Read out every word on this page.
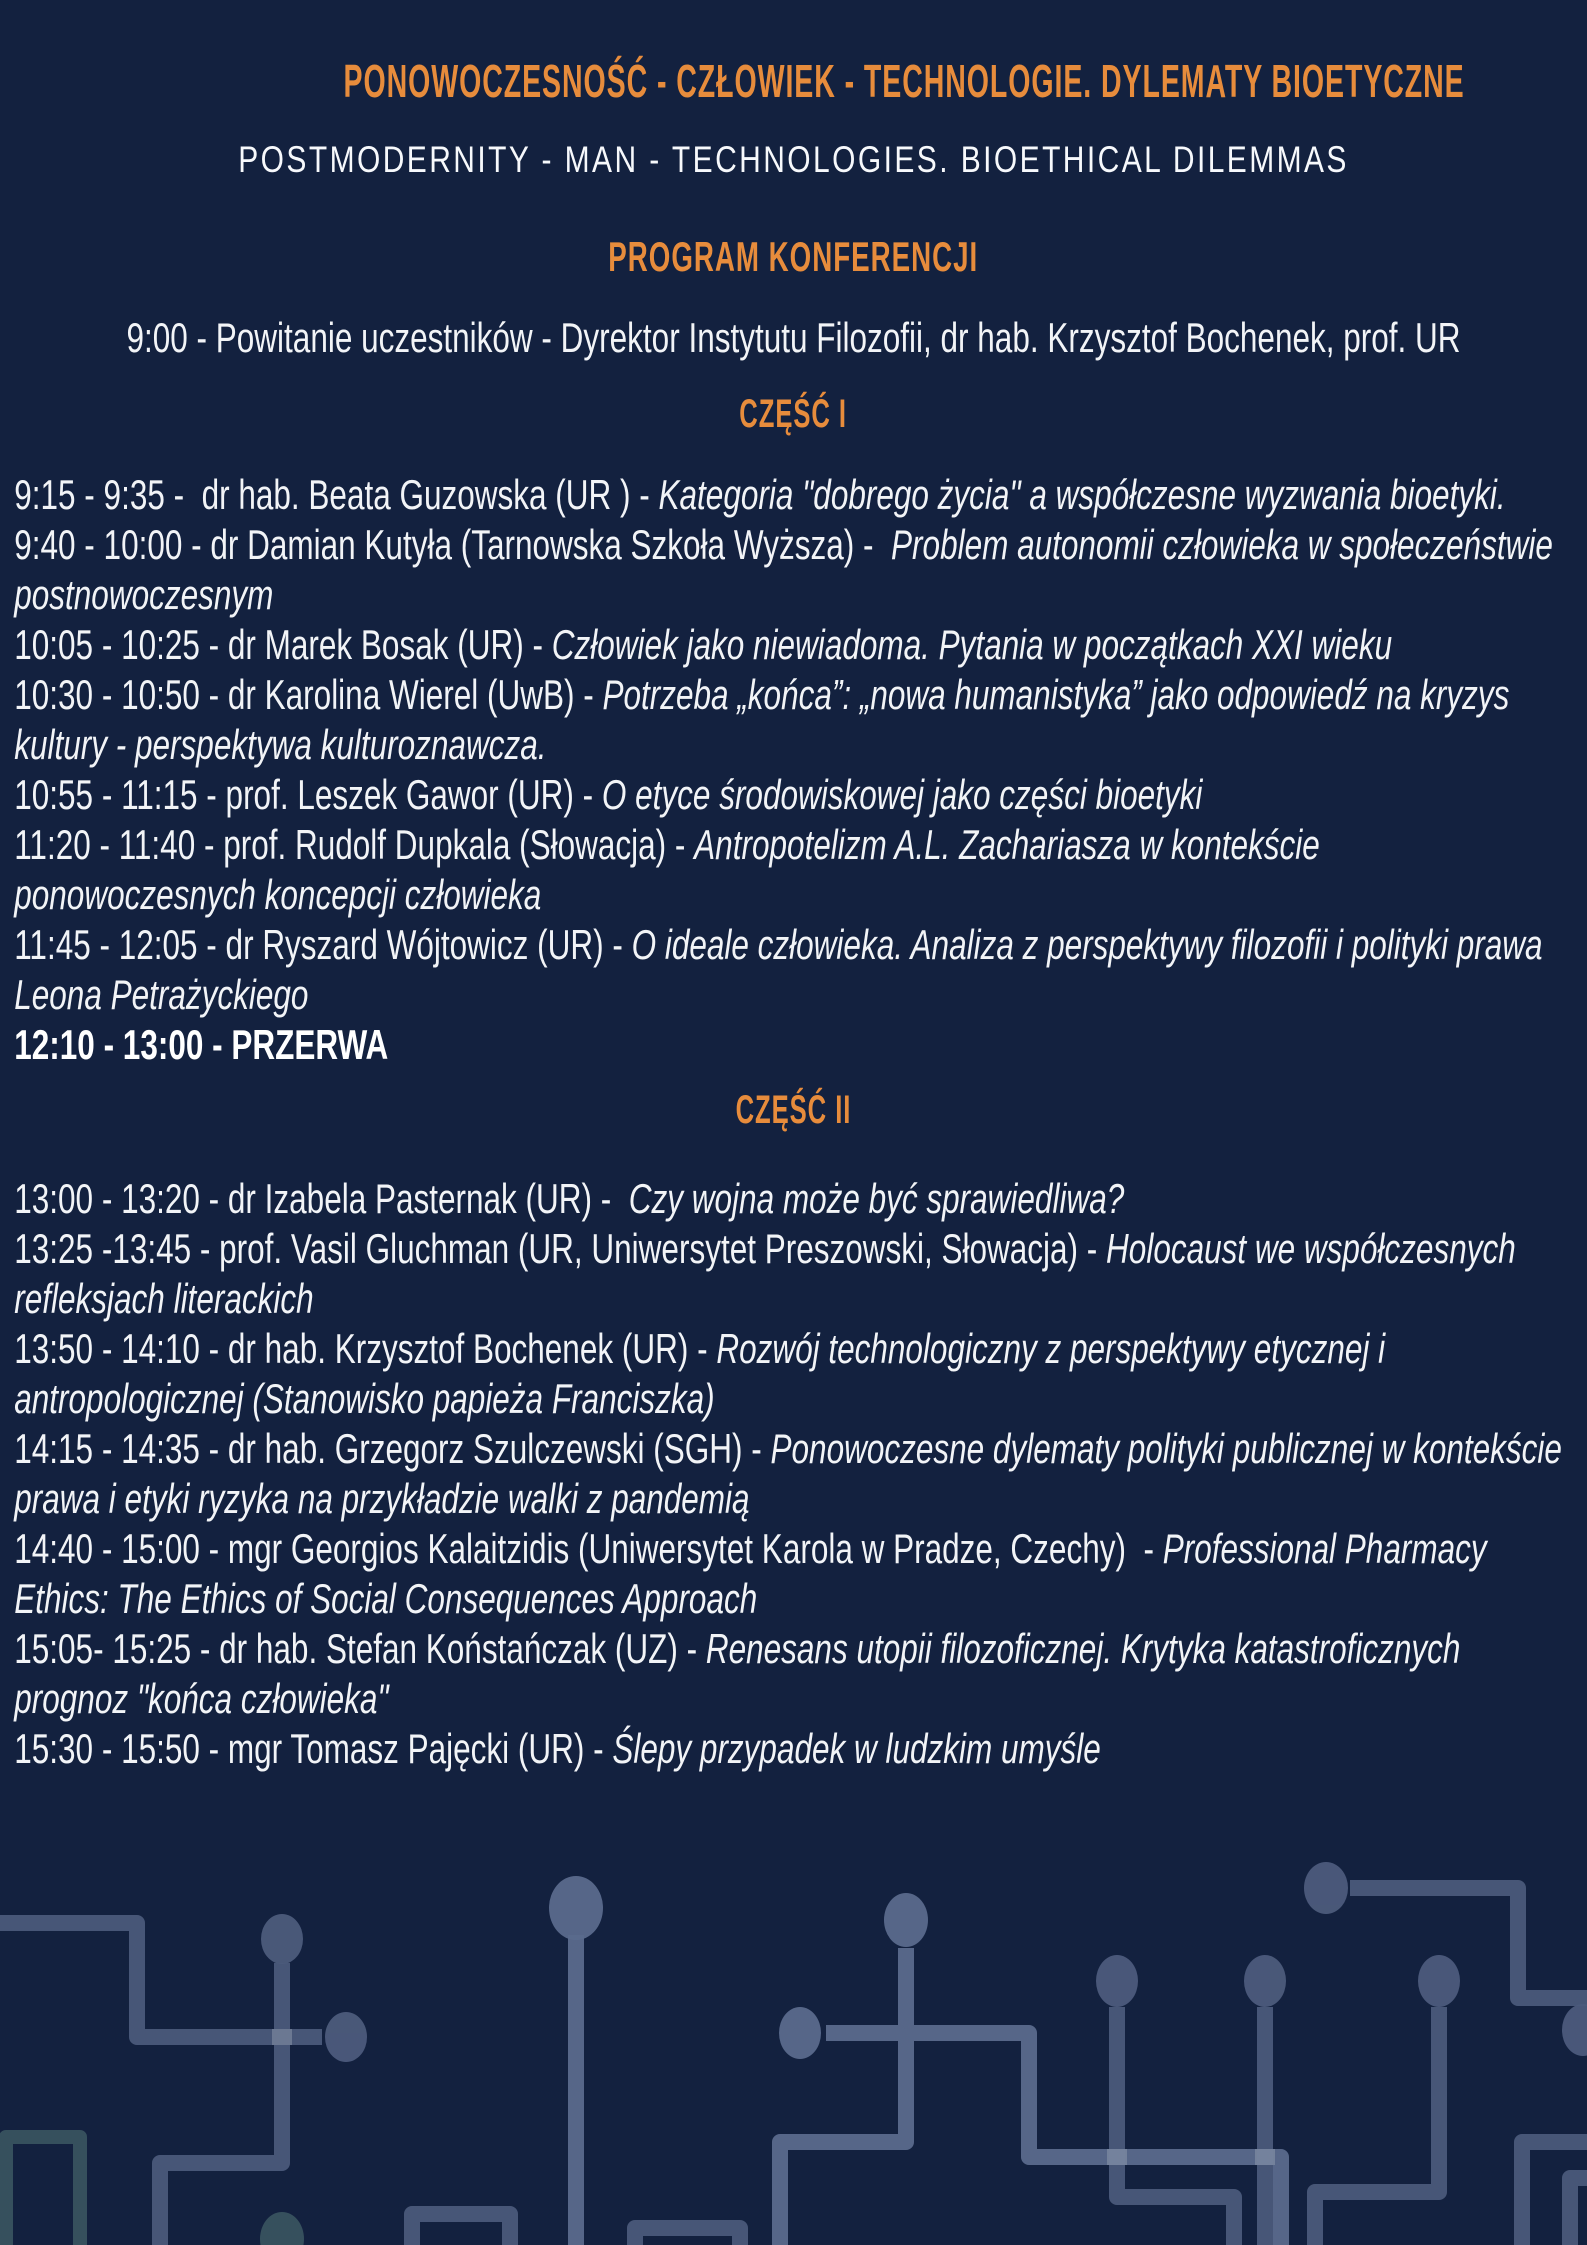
PONOWOCZESNOŚĆ - CZŁOWIEK - TECHNOLOGIE. DYLEMATY BIOETYCZNE
POSTMODERNITY - MAN - TECHNOLOGIES. BIOETHICAL DILEMMAS
PROGRAM KONFERENCJI

9:00 - Powitanie uczestników - Dyrektor Instytutu Filozofii, dr hab. Krzysztof Bochenek, prof. UR

CZĘŚĆ I

9:15 - 9:35 -  dr hab. Beata Guzowska (UR ) - Kategoria "dobrego życia" a współczesne wyzwania bioetyki.

9:40 - 10:00 - dr Damian Kutyła (Tarnowska Szkoła Wyższa) -  Problem autonomii człowieka w społeczeństwie postnowoczesnym

10:05 - 10:25 - dr Marek Bosak (UR) - Człowiek jako niewiadoma. Pytania w początkach XXI wieku

10:30 - 10:50 - dr Karolina Wierel (UwB) - Potrzeba „końca”: „nowa humanistyka” jako odpowiedź na kryzys kultury - perspektywa kulturoznawcza.

10:55 - 11:15 - prof. Leszek Gawor (UR) - O etyce środowiskowej jako części bioetyki

11:20 - 11:40 - prof. Rudolf Dupkala (Słowacja) - Antropotelizm A.L. Zachariasza w kontekście ponowoczesnych koncepcji człowieka

11:45 - 12:05 - dr Ryszard Wójtowicz (UR) - O ideale człowieka. Analiza z perspektywy filozofii i polityki prawa Leona Petrażyckiego

12:10 - 13:00 - PRZERWA

CZĘŚĆ II

13:00 - 13:20 - dr Izabela Pasternak (UR) -  Czy wojna może być sprawiedliwa?

13:25 -13:45 - prof. Vasil Gluchman (UR, Uniwersytet Preszowski, Słowacja) - Holocaust we współczesnych refleksjach literackich

13:50 - 14:10 - dr hab. Krzysztof Bochenek (UR) - Rozwój technologiczny z perspektywy etycznej i antropologicznej (Stanowisko papieża Franciszka)

14:15 - 14:35 - dr hab. Grzegorz Szulczewski (SGH) - Ponowoczesne dylematy polityki publicznej w kontekście prawa i etyki ryzyka na przykładzie walki z pandemią

14:40 - 15:00 - mgr Georgios Kalaitzidis (Uniwersytet Karola w Pradze, Czechy)  - Professional Pharmacy Ethics: The Ethics of Social Consequences Approach

15:05- 15:25 - dr hab. Stefan Koństańczak (UZ) - Renesans utopii filozoficznej. Krytyka katastroficznych prognoz "końca człowieka"

15:30 - 15:50 - mgr Tomasz Pajęcki (UR) - Ślepy przypadek w ludzkim umyśle
